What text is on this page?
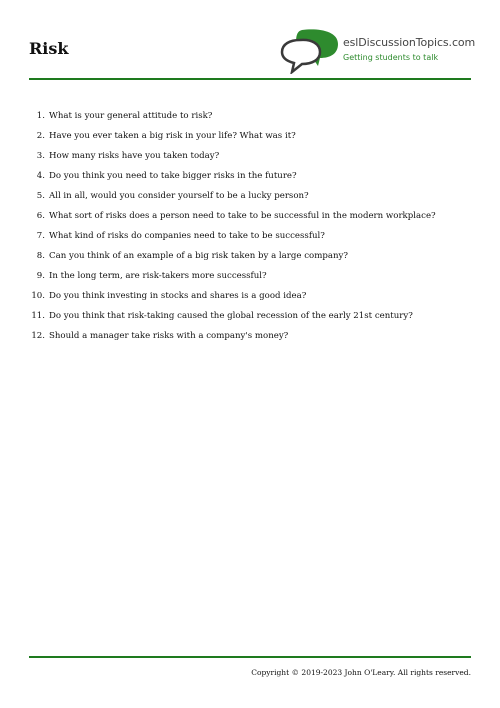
Risk	eslDiscussionTopics.com
Getting students to talk
1. What is your general attitude to risk?
2. Have you ever taken a big risk in your life? What was it?
3. How many risks have you taken today?
4. Do you think you need to take bigger risks in the future?
5. All in all, would you consider yourself to be a lucky person?
6. What sort of risks does a person need to take to be successful in the modern workplace?
7. What kind of risks do companies need to take to be successful?
8. Can you think of an example of a big risk taken by a large company?
9. In the long term, are risk-takers more successful?
10. Do you think investing in stocks and shares is a good idea?
11. Do you think that risk-taking caused the global recession of the early 21st century?
12. Should a manager take risks with a company's money?
Copyright © 2019-2023 John O'Leary. All rights reserved.
